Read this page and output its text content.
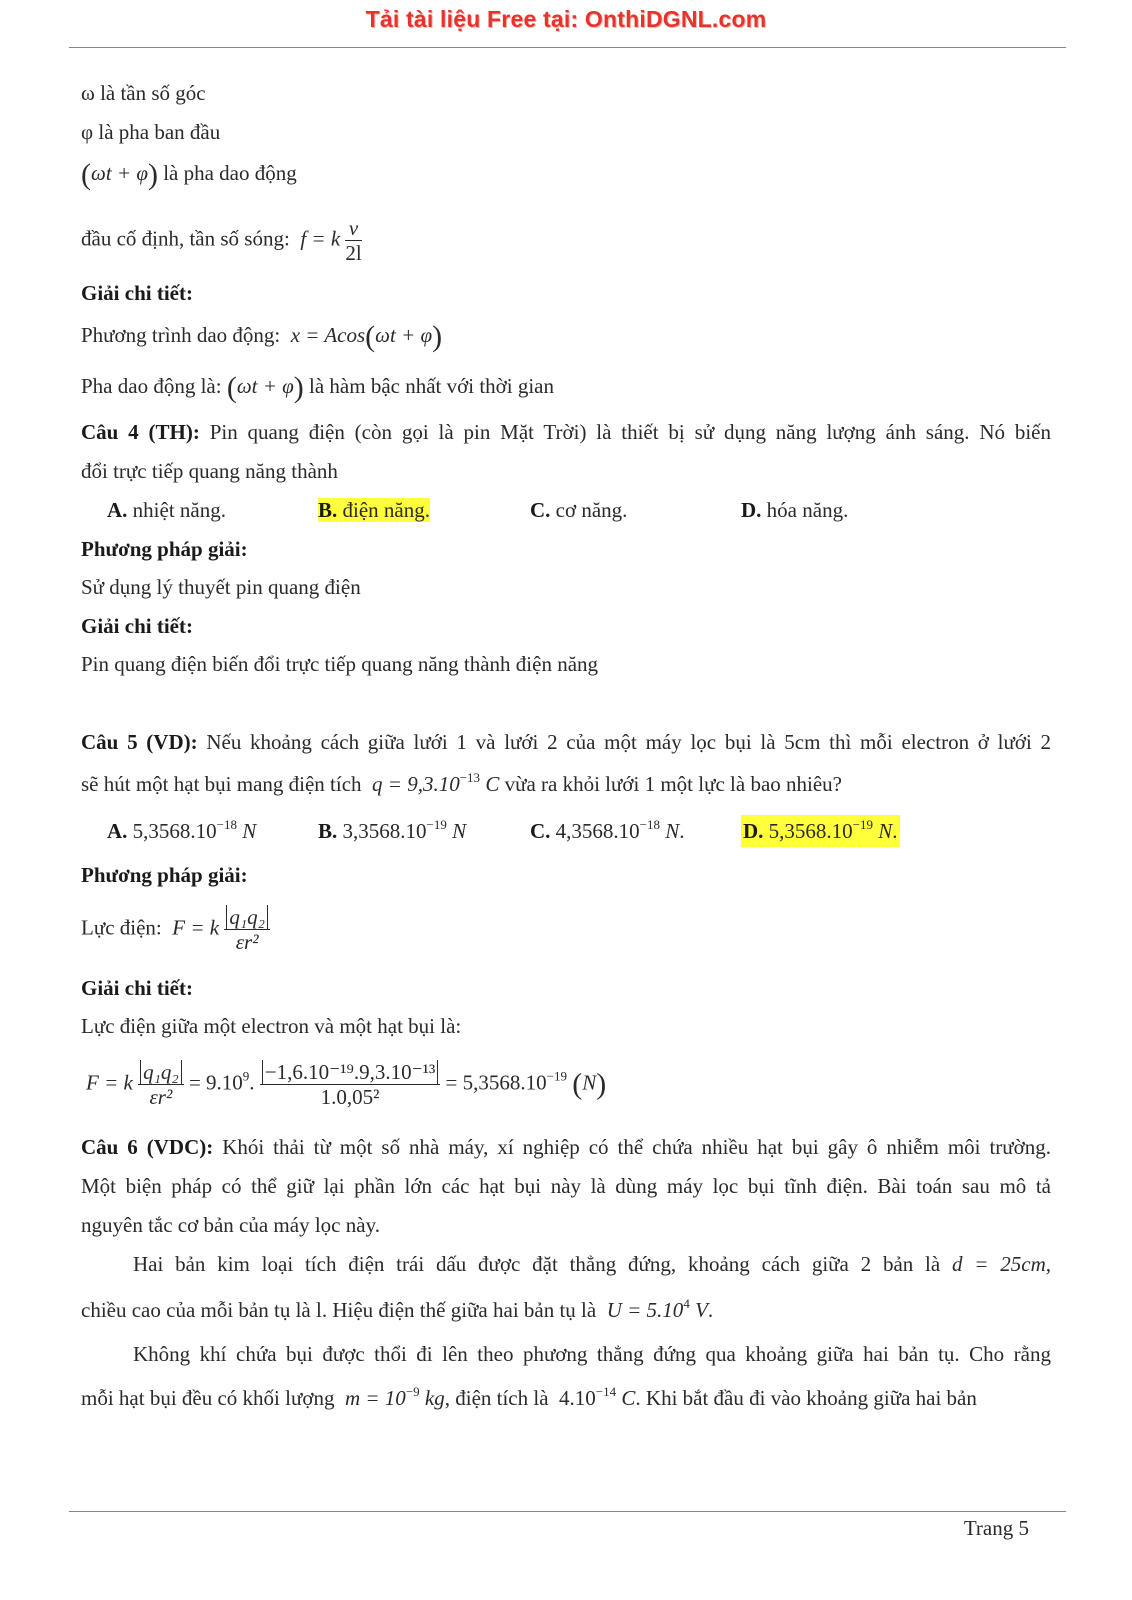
Tải tài liệu Free tại: OnthiDGNL.com
ω là tần số góc
φ là pha ban đầu
(ωt + φ) là pha dao động
đầu cố định, tần số sóng: f = k $\frac{v}{2l}$
Giải chi tiết:
Phương trình dao động: x = Acos(ωt + φ)
Pha dao động là: (ωt + φ) là hàm bậc nhất với thời gian
Câu 4 (TH): Pin quang điện (còn gọi là pin Mặt Trời) là thiết bị sử dụng năng lượng ánh sáng. Nó biến
đổi trực tiếp quang năng thành
A. nhiệt năng.	B. điện năng.	C. cơ năng.	D. hóa năng.
Phương pháp giải:
Sử dụng lý thuyết pin quang điện
Giải chi tiết:
Pin quang điện biến đổi trực tiếp quang năng thành điện năng
Câu 5 (VD): Nếu khoảng cách giữa lưới 1 và lưới 2 của một máy lọc bụi là 5cm thì mỗi electron ở lưới 2
sẽ hút một hạt bụi mang điện tích $q = 9,3.10^{-13}$ C vừa ra khỏi lưới 1 một lực là bao nhiêu?
A. $5,3568.10^{-18}$ N	B. $3,3568.10^{-19}$ N	C. $4,3568.10^{-18}$ N.	D. $5,3568.10^{-19}$ N.
Phương pháp giải:
Lực điện: F = k $\frac{\text{q₁q₂}}{\text{εr²}}$
Giải chi tiết:
Lực điện giữa một electron và một hạt bụi là:
F = k $\frac{\text{q₁q₂}}{\text{εr²}} = 9.10^9$. $\frac{\text{−1,6.10⁻¹⁹.9,3.10⁻¹³}}{\text{1.0,05²}} = 5,3568.10^{-19}$ (N)
Câu 6 (VDC): Khói thải từ một số nhà máy, xí nghiệp có thể chứa nhiều hạt bụi gây ô nhiễm môi trường.
Một biện pháp có thể giữ lại phần lớn các hạt bụi này là dùng máy lọc bụi tĩnh điện. Bài toán sau mô tả
nguyên tắc cơ bản của máy lọc này.
Hai bản kim loại tích điện trái dấu được đặt thẳng đứng, khoảng cách giữa 2 bản là d = 25cm,
chiều cao của mỗi bản tụ là l. Hiệu điện thế giữa hai bản tụ là $U = 5.10^4$ V.
Không khí chứa bụi được thổi đi lên theo phương thẳng đứng qua khoảng giữa hai bản tụ. Cho rằng
mỗi hạt bụi đều có khối lượng $m = 10^{-9}$ kg, điện tích là $4.10^{-14}$ C. Khi bắt đầu đi vào khoảng giữa hai bản
Trang 5
